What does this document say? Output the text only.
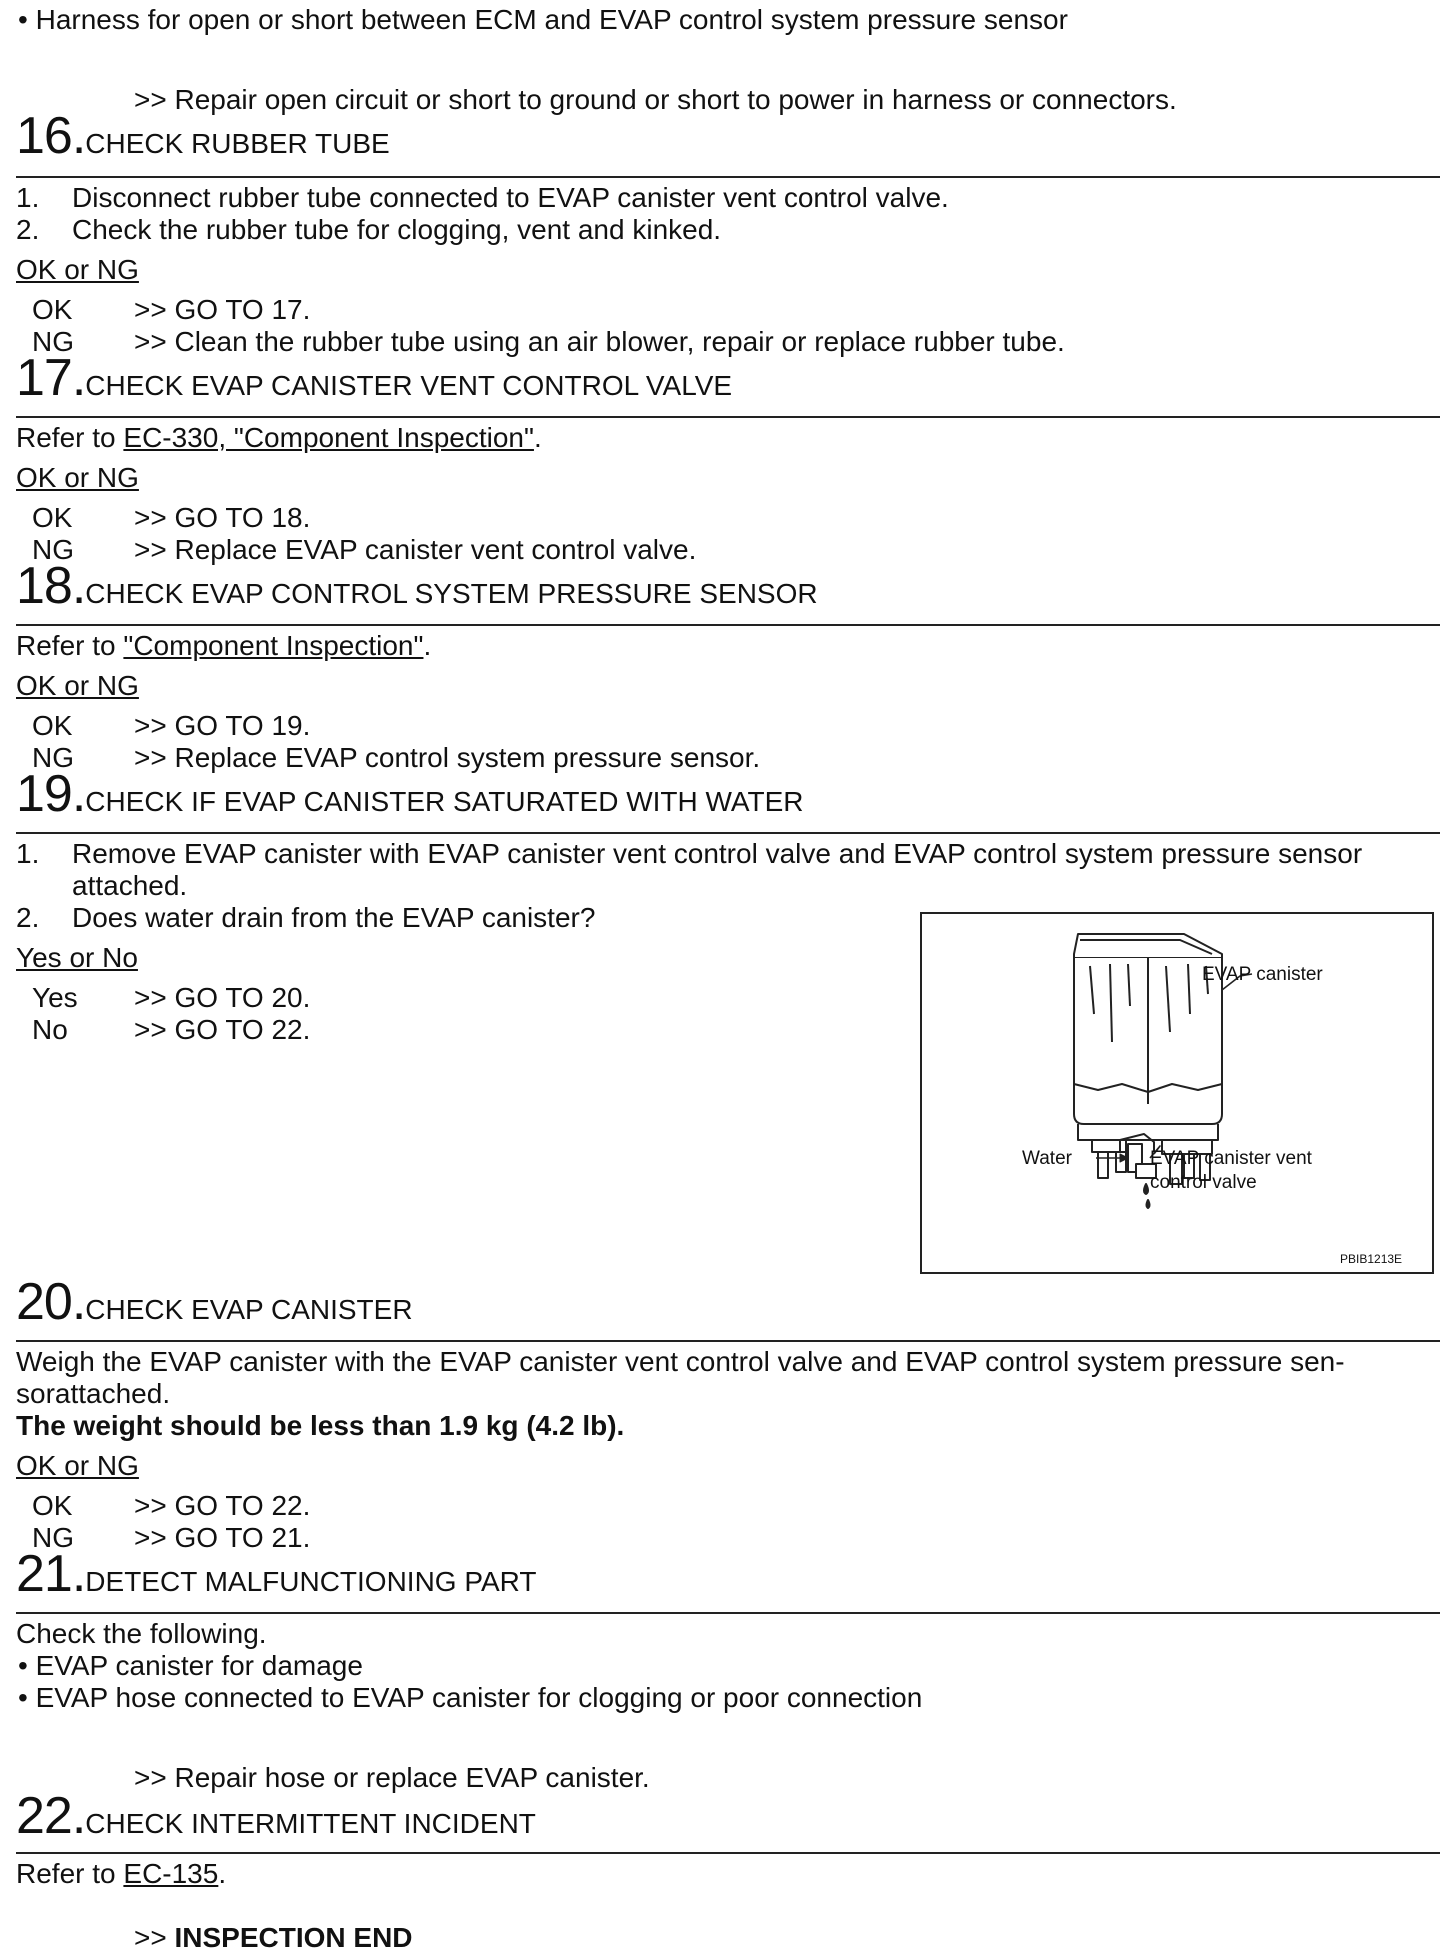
• Harness for open or short between ECM and EVAP control system pressure sensor
>> Repair open circuit or short to ground or short to power in harness or connectors.
16.CHECK RUBBER TUBE
1. Disconnect rubber tube connected to EVAP canister vent control valve.
2. Check the rubber tube for clogging, vent and kinked.
OK or NG
OK >> GO TO 17.
NG >> Clean the rubber tube using an air blower, repair or replace rubber tube.
17.CHECK EVAP CANISTER VENT CONTROL VALVE
Refer to EC-330, "Component Inspection".
OK or NG
OK >> GO TO 18.
NG >> Replace EVAP canister vent control valve.
18.CHECK EVAP CONTROL SYSTEM PRESSURE SENSOR
Refer to "Component Inspection".
OK or NG
OK >> GO TO 19.
NG >> Replace EVAP control system pressure sensor.
19.CHECK IF EVAP CANISTER SATURATED WITH WATER
1. Remove EVAP canister with EVAP canister vent control valve and EVAP control system pressure sensor
attached.
2. Does water drain from the EVAP canister?
Yes or No
Yes >> GO TO 20.
No >> GO TO 22.
EVAP canister
Water	EVAP canister vent
control valve
PBIB1213E
20.CHECK EVAP CANISTER
Weigh the EVAP canister with the EVAP canister vent control valve and EVAP control system pressure sen-
sorattached.
The weight should be less than 1.9 kg (4.2 lb).
OK or NG
OK >> GO TO 22.
NG >> GO TO 21.
21.DETECT MALFUNCTIONING PART
Check the following.
• EVAP canister for damage
• EVAP hose connected to EVAP canister for clogging or poor connection
>> Repair hose or replace EVAP canister.
22.CHECK INTERMITTENT INCIDENT
Refer to EC-135.
>> INSPECTION END
